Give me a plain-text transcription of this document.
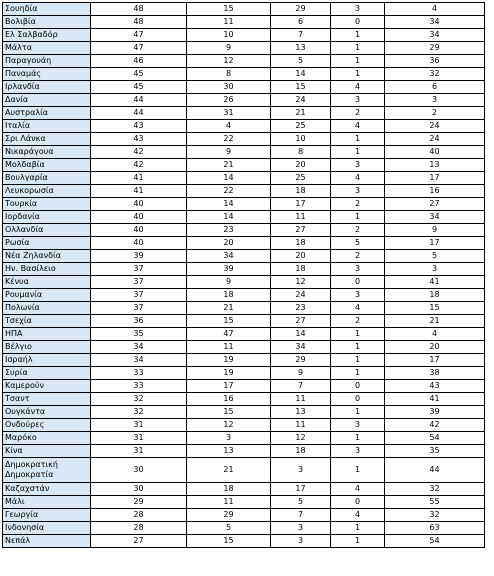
Σουηδία	48	15	29	3	4
Βολιβία	48	11	6	0	34
Ελ Σαλβαδόρ	47	10	7	1	34
Μάλτα	47	9	13	1	29
Παραγουάη	46	12	5	1	36
Παναμάς	45	8	14	1	32
Ιρλανδία	45	30	15	4	6
Δανία	44	26	24	3	3
Αυστραλία	44	31	21	2	2
Ιταλία	43	4	25	4	24
Σρι Λάνκα	43	22	10	1	24
Νικαράγουα	42	9	8	1	40
Μολδαβία	42	21	20	3	13
Βουλγαρία	41	14	25	4	17
Λευκορωσία	41	22	18	3	16
Τουρκία	40	14	17	2	27
Ιορδανία	40	14	11	1	34
Ολλανδία	40	23	27	2	9
Ρωσία	40	20	18	5	17
Νέα Ζηλανδία	39	34	20	2	5
Ην. Βασίλειο	37	39	18	3	3
Κένυα	37	9	12	0	41
Ρουμανία	37	18	24	3	18
Πολωνία	37	21	23	4	15
Τσεχία	36	15	27	2	21
ΗΠΑ	35	47	14	1	4
Βέλγιο	34	11	34	1	20
Ισραήλ	34	19	29	1	17
Συρία	33	19	9	1	38
Καμερούν	33	17	7	0	43
Τσαντ	32	16	11	0	41
Ουγκάντα	32	15	13	1	39
Ονδούρες	31	12	11	3	42
Μαρόκο	31	3	12	1	54
Κίνα	31	13	18	3	35
Δημοκρατική Δημοκρατία	30	21	3	1	44
Καζαχστάν	30	18	17	4	32
Μάλι	29	11	5	0	55
Γεωργία	28	29	7	4	32
Ινδονησία	28	5	3	1	63
Νεπάλ	27	15	3	1	54
